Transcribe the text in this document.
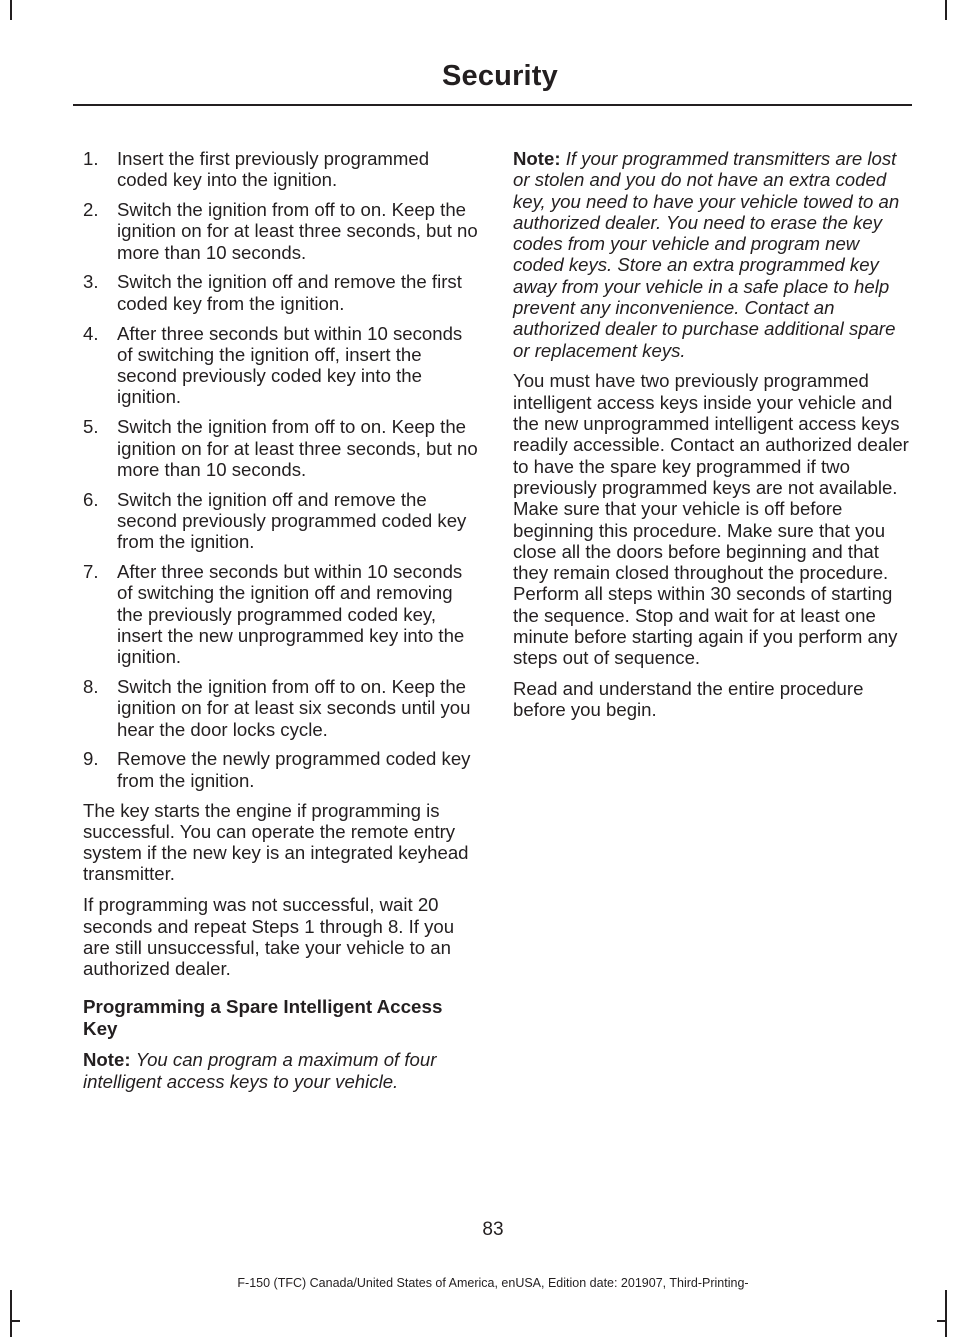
Security
1. Insert the first previously programmed coded key into the ignition.
2. Switch the ignition from off to on. Keep the ignition on for at least three seconds, but no more than 10 seconds.
3. Switch the ignition off and remove the first coded key from the ignition.
4. After three seconds but within 10 seconds of switching the ignition off, insert the second previously coded key into the ignition.
5. Switch the ignition from off to on. Keep the ignition on for at least three seconds, but no more than 10 seconds.
6. Switch the ignition off and remove the second previously programmed coded key from the ignition.
7. After three seconds but within 10 seconds of switching the ignition off and removing the previously programmed coded key, insert the new unprogrammed key into the ignition.
8. Switch the ignition from off to on. Keep the ignition on for at least six seconds until you hear the door locks cycle.
9. Remove the newly programmed coded key from the ignition.

The key starts the engine if programming is successful. You can operate the remote entry system if the new key is an integrated keyhead transmitter.

If programming was not successful, wait 20 seconds and repeat Steps 1 through 8. If you are still unsuccessful, take your vehicle to an authorized dealer.

Programming a Spare Intelligent Access Key

Note: You can program a maximum of four intelligent access keys to your vehicle.

Note: If your programmed transmitters are lost or stolen and you do not have an extra coded key, you need to have your vehicle towed to an authorized dealer. You need to erase the key codes from your vehicle and program new coded keys. Store an extra programmed key away from your vehicle in a safe place to help prevent any inconvenience. Contact an authorized dealer to purchase additional spare or replacement keys.

You must have two previously programmed intelligent access keys inside your vehicle and the new unprogrammed intelligent access keys readily accessible. Contact an authorized dealer to have the spare key programmed if two previously programmed keys are not available. Make sure that your vehicle is off before beginning this procedure. Make sure that you close all the doors before beginning and that they remain closed throughout the procedure. Perform all steps within 30 seconds of starting the sequence. Stop and wait for at least one minute before starting again if you perform any steps out of sequence.

Read and understand the entire procedure before you begin.

83
F-150 (TFC) Canada/United States of America, enUSA, Edition date: 201907, Third-Printing-
